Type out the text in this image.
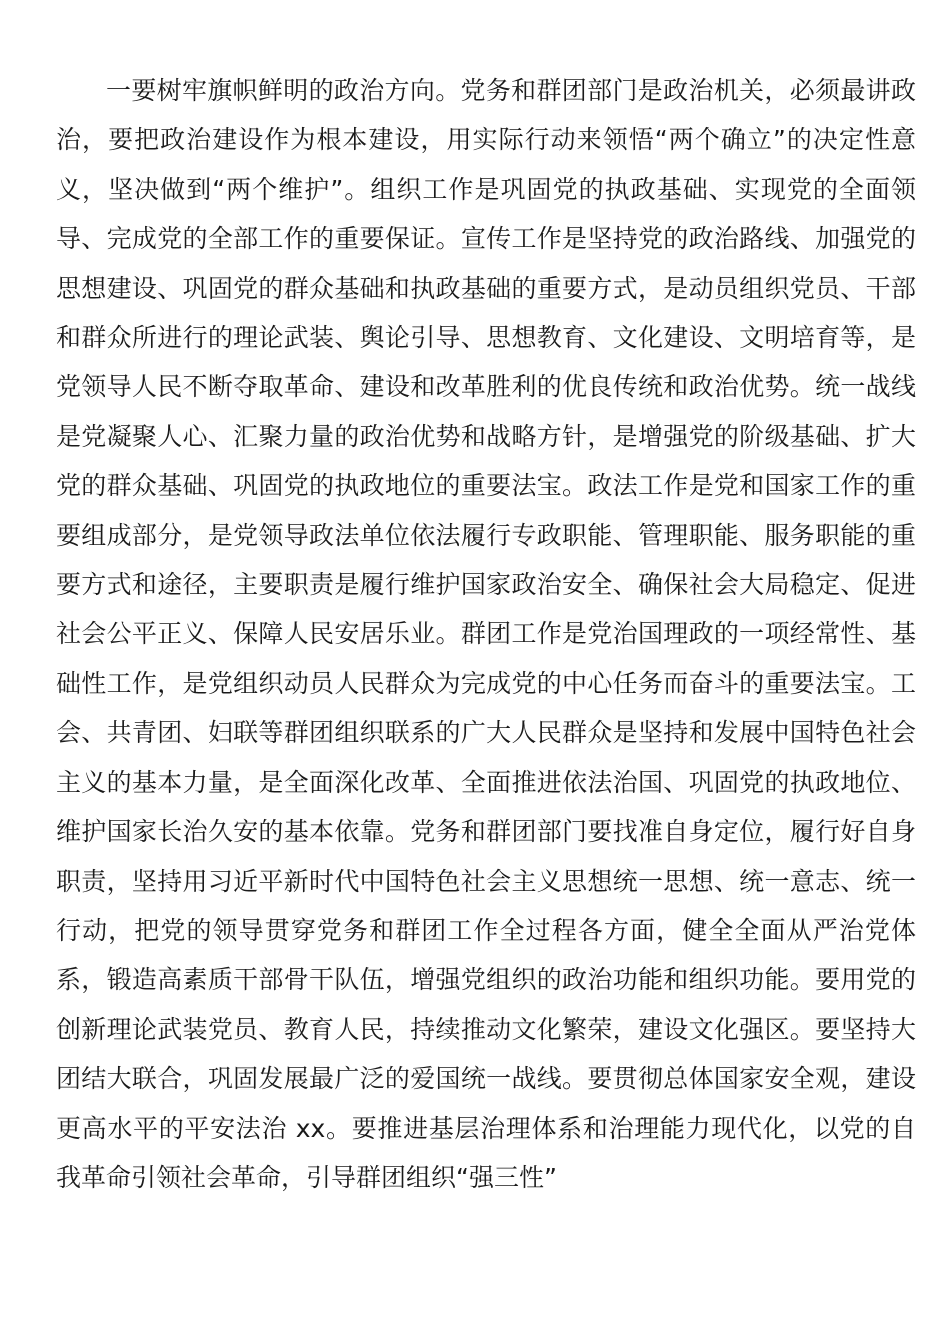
一要树牢旗帜鲜明的政治方向。党务和群团部门是政治机关，必须最讲政治，要把政治建设作为根本建设，用实际行动来领悟“两个确立”的决定性意义，坚决做到“两个维护”。组织工作是巩固党的执政基础、实现党的全面领导、完成党的全部工作的重要保证。宣传工作是坚持党的政治路线、加强党的思想建设、巩固党的群众基础和执政基础的重要方式，是动员组织党员、干部和群众所进行的理论武装、舆论引导、思想教育、文化建设、文明培育等，是党领导人民不断夺取革命、建设和改革胜利的优良传统和政治优势。统一战线是党凝聚人心、汇聚力量的政治优势和战略方针，是增强党的阶级基础、扩大党的群众基础、巩固党的执政地位的重要法宝。政法工作是党和国家工作的重要组成部分，是党领导政法单位依法履行专政职能、管理职能、服务职能的重要方式和途径，主要职责是履行维护国家政治安全、确保社会大局稳定、促进社会公平正义、保障人民安居乐业。群团工作是党治国理政的一项经常性、基础性工作，是党组织动员人民群众为完成党的中心任务而奋斗的重要法宝。工会、共青团、妇联等群团组织联系的广大人民群众是坚持和发展中国特色社会主义的基本力量，是全面深化改革、全面推进依法治国、巩固党的执政地位、维护国家长治久安的基本依靠。党务和群团部门要找准自身定位，履行好自身职责，坚持用习近平新时代中国特色社会主义思想统一思想、统一意志、统一行动，把党的领导贯穿党务和群团工作全过程各方面，健全全面从严治党体系，锻造高素质干部骨干队伍，增强党组织的政治功能和组织功能。要用党的创新理论武装党员、教育人民，持续推动文化繁荣，建设文化强区。要坚持大团结大联合，巩固发展最广泛的爱国统一战线。要贯彻总体国家安全观，建设更高水平的平安法治 xx。要推进基层治理体系和治理能力现代化，以党的自我革命引领社会革命，引导群团组织“强三性”
